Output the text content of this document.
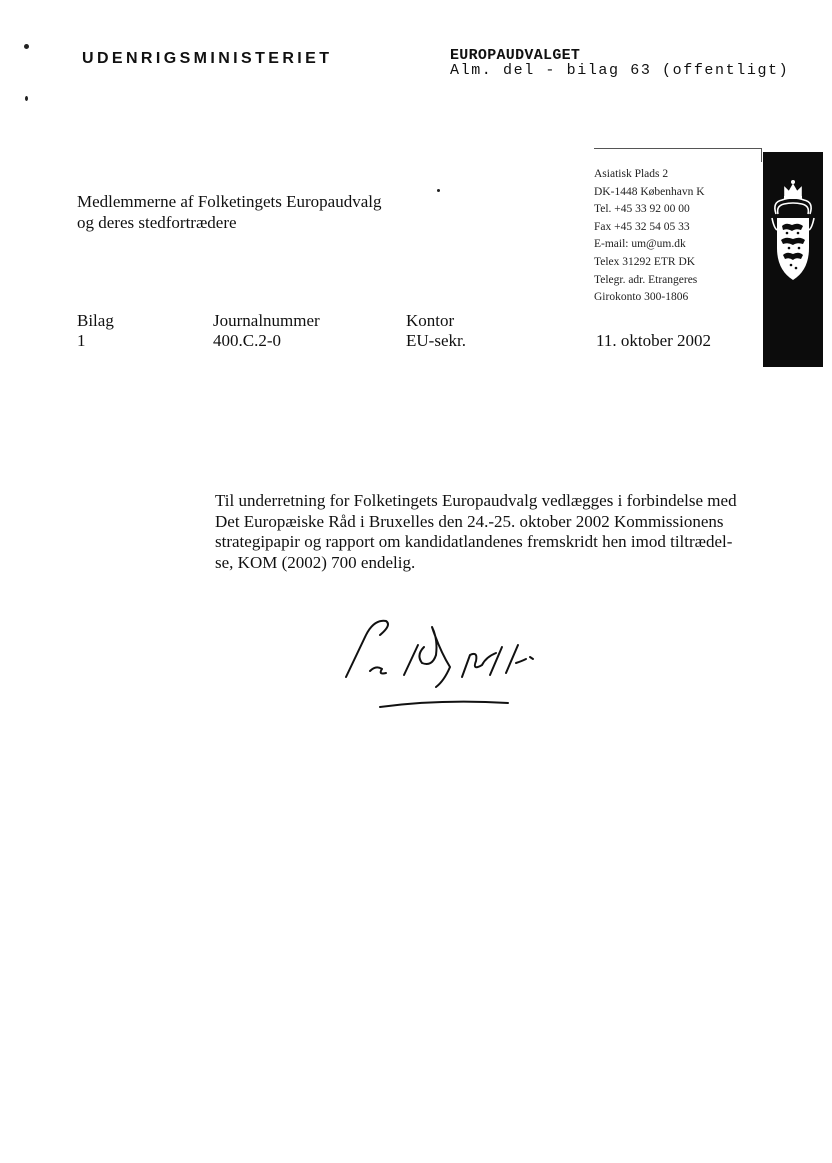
UDENRIGSMINISTERIET	EUROPAUDVALGET
Alm. del - bilag 63 (offentligt)
Medlemmerne af Folketingets Europaudvalg
og deres stedfortrædere
Asiatisk Plads 2
DK-1448 København K
Tel. +45 33 92 00 00
Fax +45 32 54 05 33
E-mail: um@um.dk
Telex 31292 ETR DK
Telegr. adr. Etrangeres
Girokonto 300-1806
Bilag
1
Journalnummer
400.C.2-0
Kontor
EU-sekr.	11. oktober 2002
Til underretning for Folketingets Europaudvalg vedlægges i forbindelse med
Det Europæiske Råd i Bruxelles den 24.-25. oktober 2002 Kommissionens
strategipapir og rapport om kandidatlandenes fremskridt hen imod tiltrædel-
se, KOM (2002) 700 endelig.
